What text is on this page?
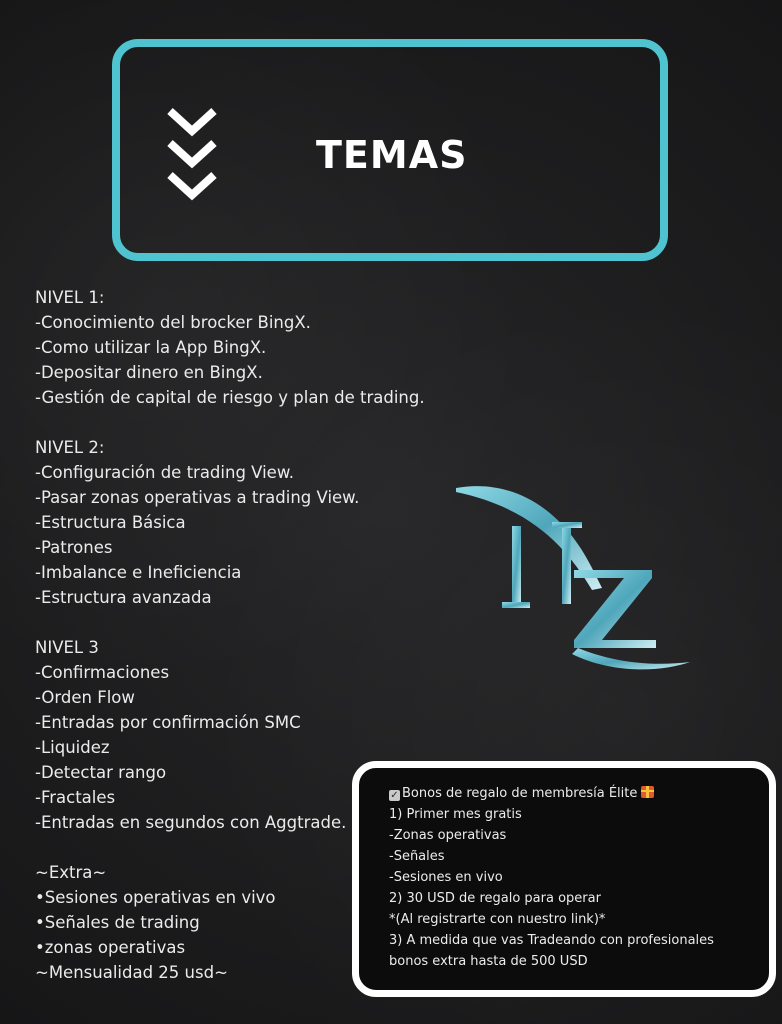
TEMAS
NIVEL 1:
-Conocimiento del brocker BingX.
-Como utilizar la App BingX.
-Depositar dinero en BingX.
-Gestión de capital de riesgo y plan de trading.
NIVEL 2:
-Configuración de trading View.
-Pasar zonas operativas a trading View.
-Estructura Básica
-Patrones
-Imbalance e Ineficiencia
-Estructura avanzada
NIVEL 3
-Confirmaciones
-Orden Flow
-Entradas por confirmación SMC
-Liquidez
-Detectar rango
-Fractales
-Entradas en segundos con Aggtrade.
~Extra~
•Sesiones operativas en vivo
•Señales de trading
•zonas operativas
~Mensualidad 25 usd~
✓ Bonos de regalo de membresía Élite
1) Primer mes gratis
-Zonas operativas
-Señales
-Sesiones en vivo
2) 30 USD de regalo para operar
*(Al registrarte con nuestro link)*
3) A medida que vas Tradeando con profesionales
bonos extra hasta de 500 USD
